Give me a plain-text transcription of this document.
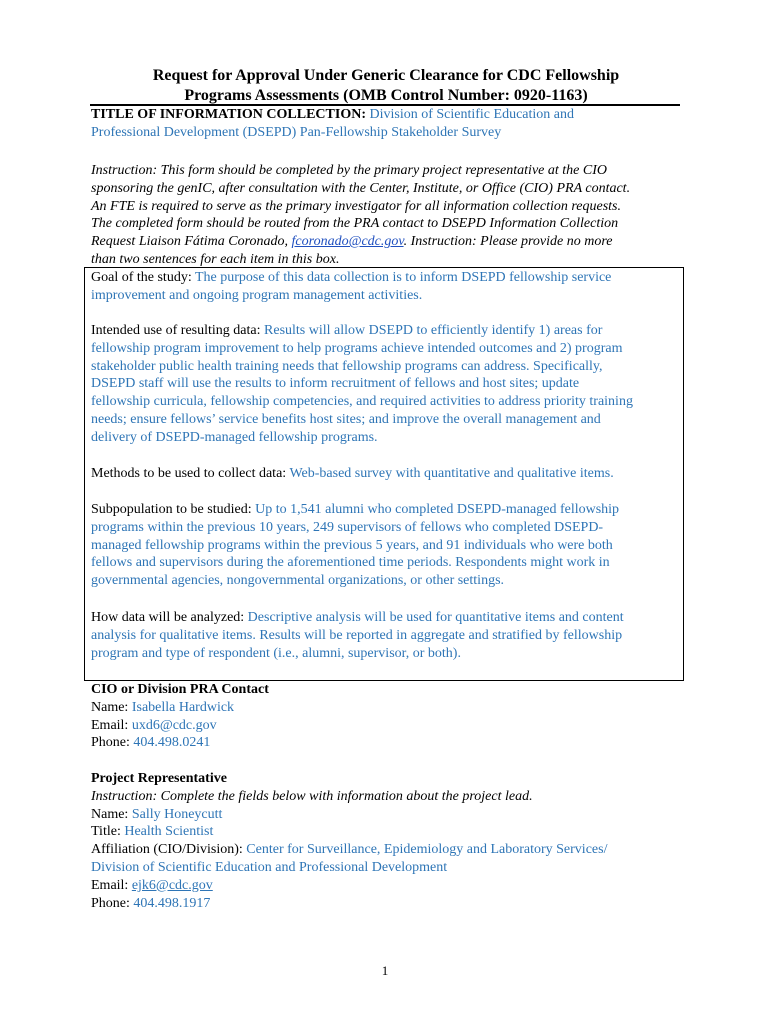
Request for Approval Under Generic Clearance for CDC Fellowship
Programs Assessments (OMB Control Number: 0920-1163)
TITLE OF INFORMATION COLLECTION: Division of Scientific Education and
Professional Development (DSEPD) Pan-Fellowship Stakeholder Survey
Instruction: This form should be completed by the primary project representative at the CIO
sponsoring the genIC, after consultation with the Center, Institute, or Office (CIO) PRA contact.
An FTE is required to serve as the primary investigator for all information collection requests.
The completed form should be routed from the PRA contact to DSEPD Information Collection
Request Liaison Fátima Coronado, fcoronado@cdc.gov. Instruction: Please provide no more
than two sentences for each item in this box.
Goal of the study: The purpose of this data collection is to inform DSEPD fellowship service
improvement and ongoing program management activities.
Intended use of resulting data: Results will allow DSEPD to efficiently identify 1) areas for
fellowship program improvement to help programs achieve intended outcomes and 2) program
stakeholder public health training needs that fellowship programs can address. Specifically,
DSEPD staff will use the results to inform recruitment of fellows and host sites; update
fellowship curricula, fellowship competencies, and required activities to address priority training
needs; ensure fellows’ service benefits host sites; and improve the overall management and
delivery of DSEPD-managed fellowship programs.
Methods to be used to collect data: Web-based survey with quantitative and qualitative items.
Subpopulation to be studied: Up to 1,541 alumni who completed DSEPD-managed fellowship
programs within the previous 10 years, 249 supervisors of fellows who completed DSEPD-
managed fellowship programs within the previous 5 years, and 91 individuals who were both
fellows and supervisors during the aforementioned time periods. Respondents might work in
governmental agencies, nongovernmental organizations, or other settings.
How data will be analyzed: Descriptive analysis will be used for quantitative items and content
analysis for qualitative items. Results will be reported in aggregate and stratified by fellowship
program and type of respondent (i.e., alumni, supervisor, or both).
CIO or Division PRA Contact
Name: Isabella Hardwick
Email: uxd6@cdc.gov
Phone: 404.498.0241
Project Representative
Instruction: Complete the fields below with information about the project lead.
Name: Sally Honeycutt
Title: Health Scientist
Affiliation (CIO/Division): Center for Surveillance, Epidemiology and Laboratory Services/
Division of Scientific Education and Professional Development
Email: ejk6@cdc.gov
Phone: 404.498.1917
1
